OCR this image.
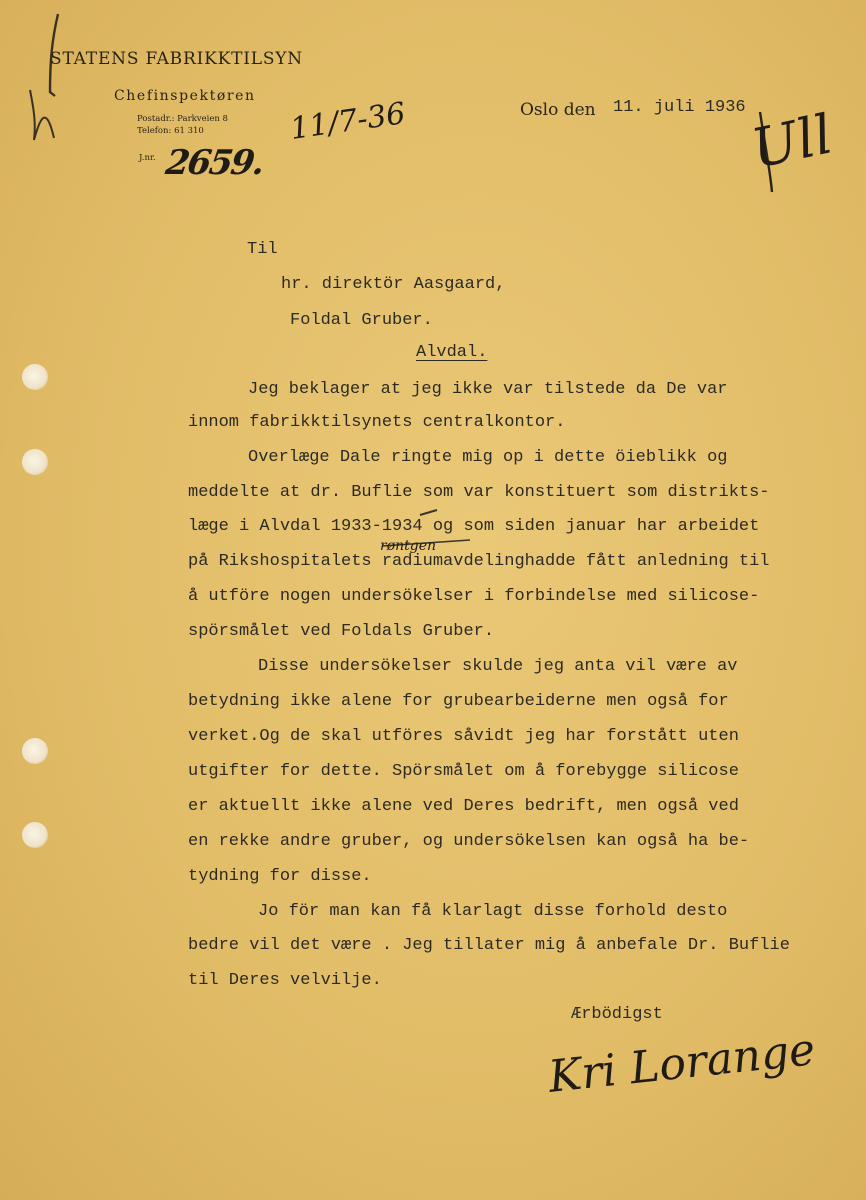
STATENS FABRIKKTILSYN
Chefinspektøren
Postadr.: Parkveien 8
Telefon: 61 310
J.nr. 2659.
11/7-36	Ull
Oslo den 11. juli 1936
Til
hr. direktör Aasgaard,
Foldal Gruber.
Alvdal.
Jeg beklager at jeg ikke var tilstede da De var
innom fabrikktilsynets centralkontor.
Overlæge Dale ringte mig op i dette öieblikk og
meddelte at dr. Buflie som var konstituert som distrikts-
læge i Alvdal 1933-1934 og som siden januar har arbeidet
røntgen
på Rikshospitalets radiumavdelinghadde fått anledning til
å utföre nogen undersökelser i forbindelse med silicose-
spörsmålet ved Foldals Gruber.
Disse undersökelser skulde jeg anta vil være av
betydning ikke alene for grubearbeiderne men også for
verket.Og de skal utföres såvidt jeg har forstått uten
utgifter for dette. Spörsmålet om å forebygge silicose
er aktuellt ikke alene ved Deres bedrift, men også ved
en rekke andre gruber, og undersökelsen kan også ha be-
tydning for disse.
Jo för man kan få klarlagt disse forhold desto
bedre vil det være . Jeg tillater mig å anbefale Dr. Buflie
til Deres velvilje.
Ærbödigst
Kri Lorange
